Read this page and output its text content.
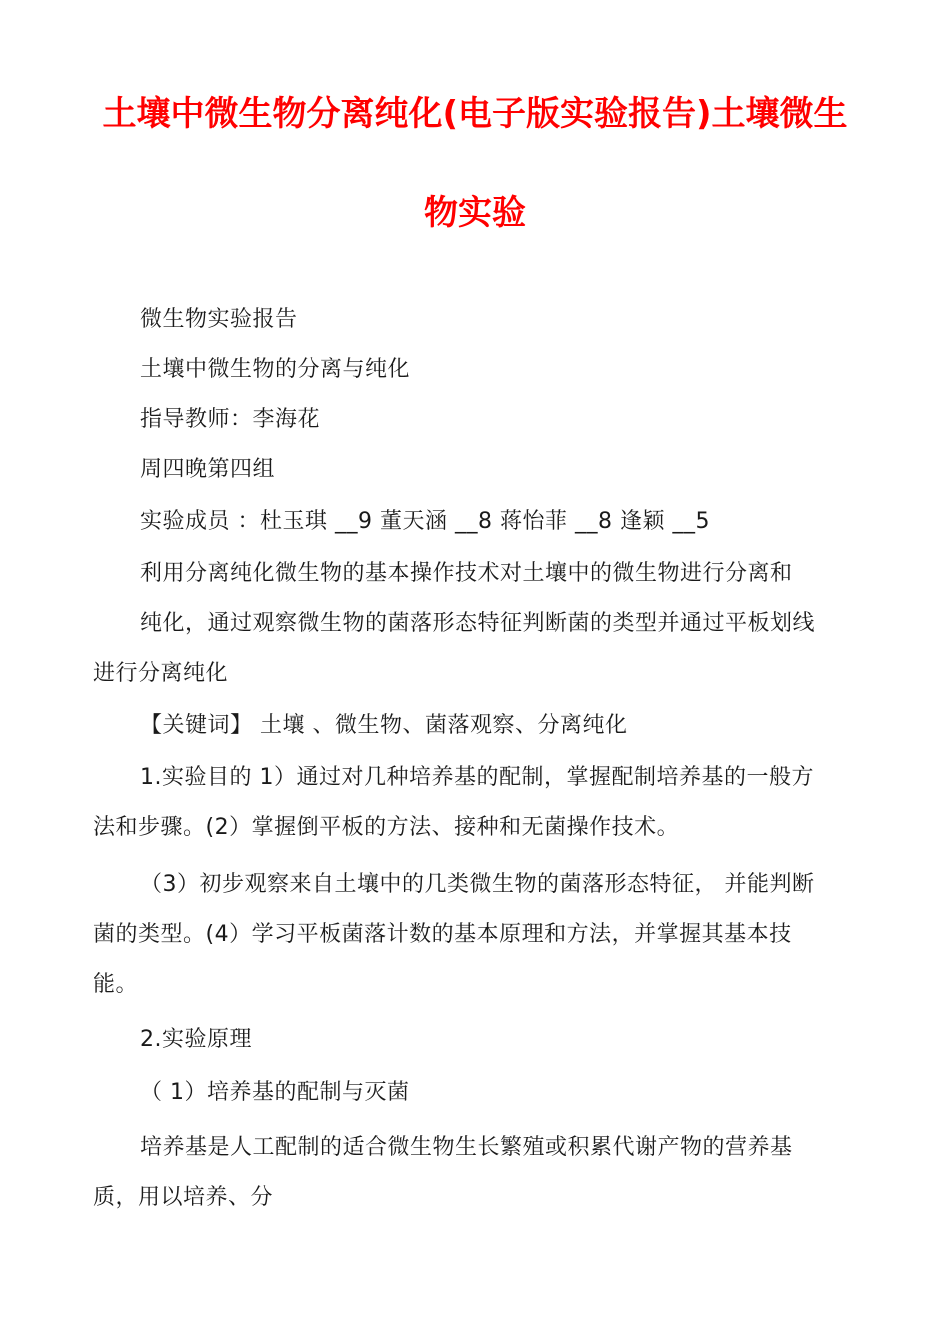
土壤中微生物分离纯化(电子版实验报告)土壤微生
物实验
微生物实验报告
土壤中微生物的分离与纯化
指导教师：李海花
周四晚第四组
实验成员 ：杜玉琪 __9 董天涵 __8 蒋怡菲 __8 逢颖 __5
利用分离纯化微生物的基本操作技术对土壤中的微生物进行分离和
纯化，通过观察微生物的菌落形态特征判断菌的类型并通过平板划线
进行分离纯化
【关键词】 土壤 、微生物、菌落观察、分离纯化
1.实验目的 1）通过对几种培养基的配制，掌握配制培养基的一般方
法和步骤。(2）掌握倒平板的方法、接种和无菌操作技术。
（3）初步观察来自土壤中的几类微生物的菌落形态特征， 并能判断
菌的类型。(4）学习平板菌落计数的基本原理和方法，并掌握其基本技
能。
2.实验原理
（ 1）培养基的配制与灭菌
培养基是人工配制的适合微生物生长繁殖或积累代谢产物的营养基
质，用以培养、分
